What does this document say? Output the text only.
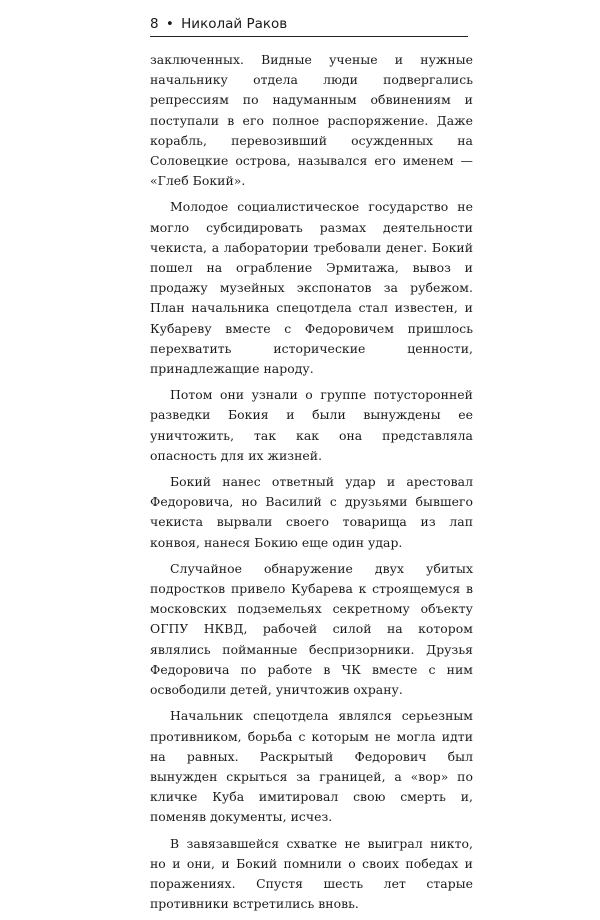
8 • Николай Раков

заключенных. Видные ученые и нужные начальнику отдела люди подвергались репрессиям по надуманным обвинениям и поступали в его полное распоряжение. Даже корабль, перевозивший осужденных на Соловецкие острова, назывался его именем — «Глеб Бокий».

Молодое социалистическое государство не могло субсидировать размах деятельности чекиста, а лаборатории требовали денег. Бокий пошел на ограбление Эрмитажа, вывоз и продажу музейных экспонатов за рубежом. План начальника спецотдела стал известен, и Кубареву вместе с Федоровичем пришлось перехватить исторические ценности, принадлежащие народу.

Потом они узнали о группе потусторонней разведки Бокия и были вынуждены ее уничтожить, так как она представляла опасность для их жизней.

Бокий нанес ответный удар и арестовал Федоровича, но Василий с друзьями бывшего чекиста вырвали своего товарища из лап конвоя, нанеся Бокию еще один удар.

Случайное обнаружение двух убитых подростков привело Кубарева к строящемуся в московских подземельях секретному объекту ОГПУ НКВД, рабочей силой на котором являлись пойманные беспризорники. Друзья Федоровича по работе в ЧК вместе с ним освободили детей, уничтожив охрану.

Начальник спецотдела являлся серьезным противником, борьба с которым не могла идти на равных. Раскрытый Федорович был вынужден скрыться за границей, а «вор» по кличке Куба имитировал свою смерть и, поменяв документы, исчез.

В завязавшейся схватке не выиграл никто, но и они, и Бокий помнили о своих победах и поражениях. Спустя шесть лет старые противники встретились вновь.
